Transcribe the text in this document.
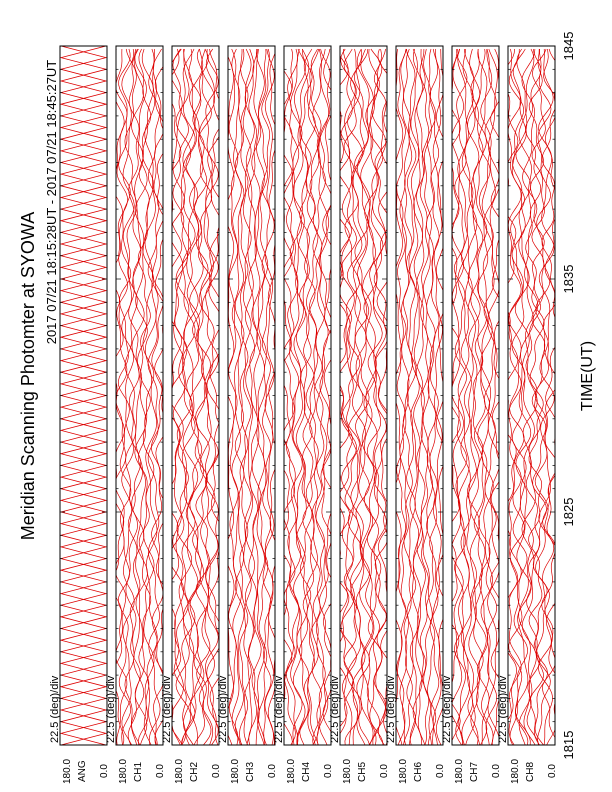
Meridian Scanning Photomter at SYOWA
2017 07/21 18:15:28UT - 2017 07/21 18:45:27UT
180.0	0.0
ANG
22.5 (deg)/div
180.0	0.0
CH1
22.5 (deg)/div
180.0	0.0
CH2
22.5 (deg)/div
180.0	0.0
CH3
22.5 (deg)/div
180.0	0.0
CH4
22.5 (deg)/div
180.0	0.0
CH5
22.5 (deg)/div
180.0	0.0
CH6
22.5 (deg)/div
180.0	0.0
CH7
22.5 (deg)/div
180.0	0.0
CH8
22.5 (deg)/div
1815
1825
1835
1845
TIME(UT)
